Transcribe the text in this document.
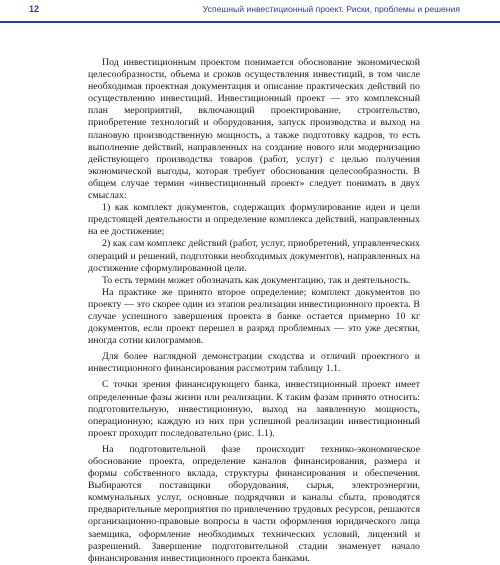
12	Успешный инвестиционный проект. Риски, проблемы и решения

Под инвестиционным проектом понимается обоснование экономической целесообразности, объема и сроков осуществления инвестиций, в том числе необходимая проектная документация и описание практических действий по осуществлению инвестиций. Инвестиционный проект — это комплексный план мероприятий, включающий проектирование, строительство, приобретение технологий и оборудования, запуск производства и выход на плановую производственную мощность, а также подготовку кадров, то есть выполнение действий, направленных на создание нового или модернизацию действующего производства товаров (работ, услуг) с целью получения экономической выгоды, которая требует обоснования целесообразности. В общем случае термин «инвестиционный проект» следует понимать в двух смыслах:

1) как комплект документов, содержащих формулирование идеи и цели предстоящей деятельности и определение комплекса действий, направленных на ее достижение;

2) как сам комплекс действий (работ, услуг, приобретений, управленческих операций и решений, подготовки необходимых документов), направленных на достижение сформулированной цели.

То есть термин может обозначать как документацию, так и деятельность.

На практике же принято второе определение; комплект документов по проекту — это скорее один из этапов реализации инвестиционного проекта. В случае успешного завершения проекта в банке остается примерно 10 кг документов, если проект перешел в разряд проблемных — это уже десятки, иногда сотни килограммов.

Для более наглядной демонстрации сходства и отличий проектного и инвестиционного финансирования рассмотрим таблицу 1.1.

С точки зрения финансирующего банка, инвестиционный проект имеет определенные фазы жизни или реализации. К таким фазам принято относить: подготовительную, инвестиционную, выход на заявленную мощность, операционную; каждую из них при успешной реализации инвестиционный проект проходит последовательно (рис. 1.1).

На подготовительной фазе происходит технико-экономическое обоснование проекта, определение каналов финансирования, размера и формы собственного вклада, структуры финансирования и обеспечения. Выбираются поставщики оборудования, сырья, электроэнергии, коммунальных услуг, основные подрядчики и каналы сбыта, проводятся предварительные мероприятия по привлечению трудовых ресурсов, решаются организационно-правовые вопросы в части оформления юридического лица заемщика, оформление необходимых технических условий, лицензий и разрешений. Завершение подготовительной стадии знаменует начало финансирования инвестиционного проекта банками.
